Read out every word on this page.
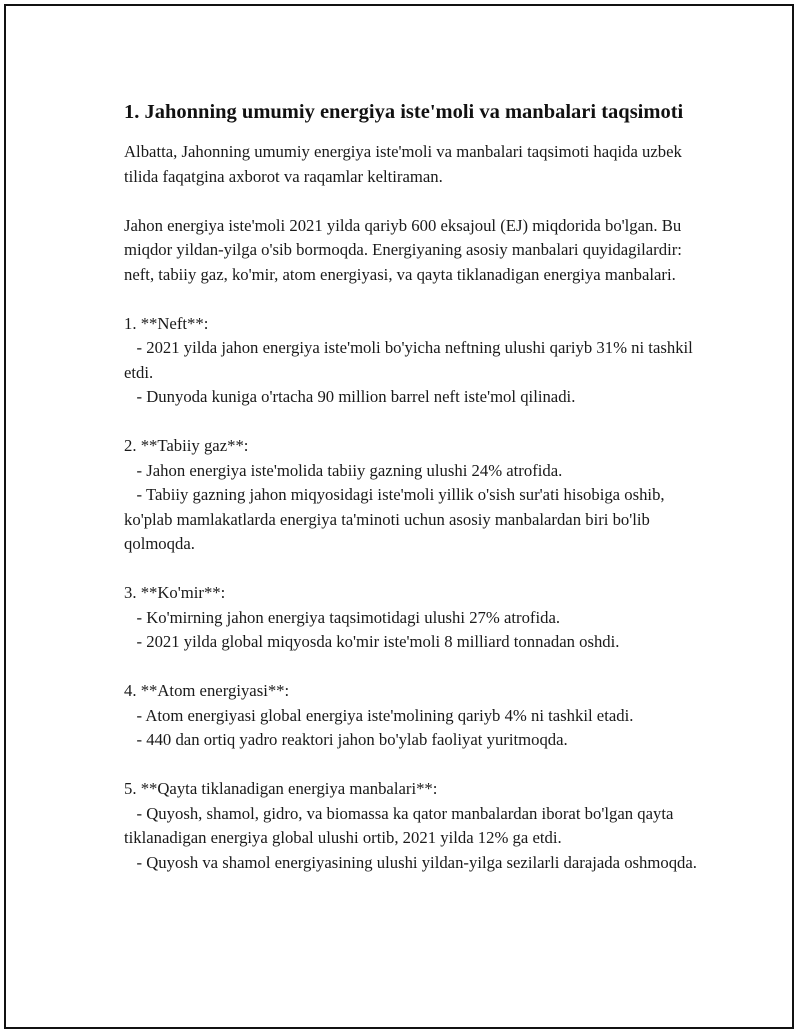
1. Jahonning umumiy energiya iste'moli va manbalari taqsimoti

Albatta, Jahonning umumiy energiya iste'moli va manbalari taqsimoti haqida uzbek tilida faqatgina axborot va raqamlar keltiraman.

Jahon energiya iste'moli 2021 yilda qariyb 600 eksajoul (EJ) miqdorida bo'lgan. Bu miqdor yildan-yilga o'sib bormoqda. Energiyaning asosiy manbalari quyidagilardir: neft, tabiiy gaz, ko'mir, atom energiyasi, va qayta tiklanadigan energiya manbalari.

1. **Neft**:

- 2021 yilda jahon energiya iste'moli bo'yicha neftning ulushi qariyb 31% ni tashkil etdi.

- Dunyoda kuniga o'rtacha 90 million barrel neft iste'mol qilinadi.

2. **Tabiiy gaz**:

- Jahon energiya iste'molida tabiiy gazning ulushi 24% atrofida.

- Tabiiy gazning jahon miqyosidagi iste'moli yillik o'sish sur'ati hisobiga oshib, ko'plab mamlakatlarda energiya ta'minoti uchun asosiy manbalardan biri bo'lib qolmoqda.

3. **Ko'mir**:

- Ko'mirning jahon energiya taqsimotidagi ulushi 27% atrofida.

- 2021 yilda global miqyosda ko'mir iste'moli 8 milliard tonnadan oshdi.

4. **Atom energiyasi**:

- Atom energiyasi global energiya iste'molining qariyb 4% ni tashkil etadi.

- 440 dan ortiq yadro reaktori jahon bo'ylab faoliyat yuritmoqda.

5. **Qayta tiklanadigan energiya manbalari**:

- Quyosh, shamol, gidro, va biomassa ka qator manbalardan iborat bo'lgan qayta tiklanadigan energiya global ulushi ortib, 2021 yilda 12% ga etdi.

- Quyosh va shamol energiyasining ulushi yildan-yilga sezilarli darajada oshmoqda.
